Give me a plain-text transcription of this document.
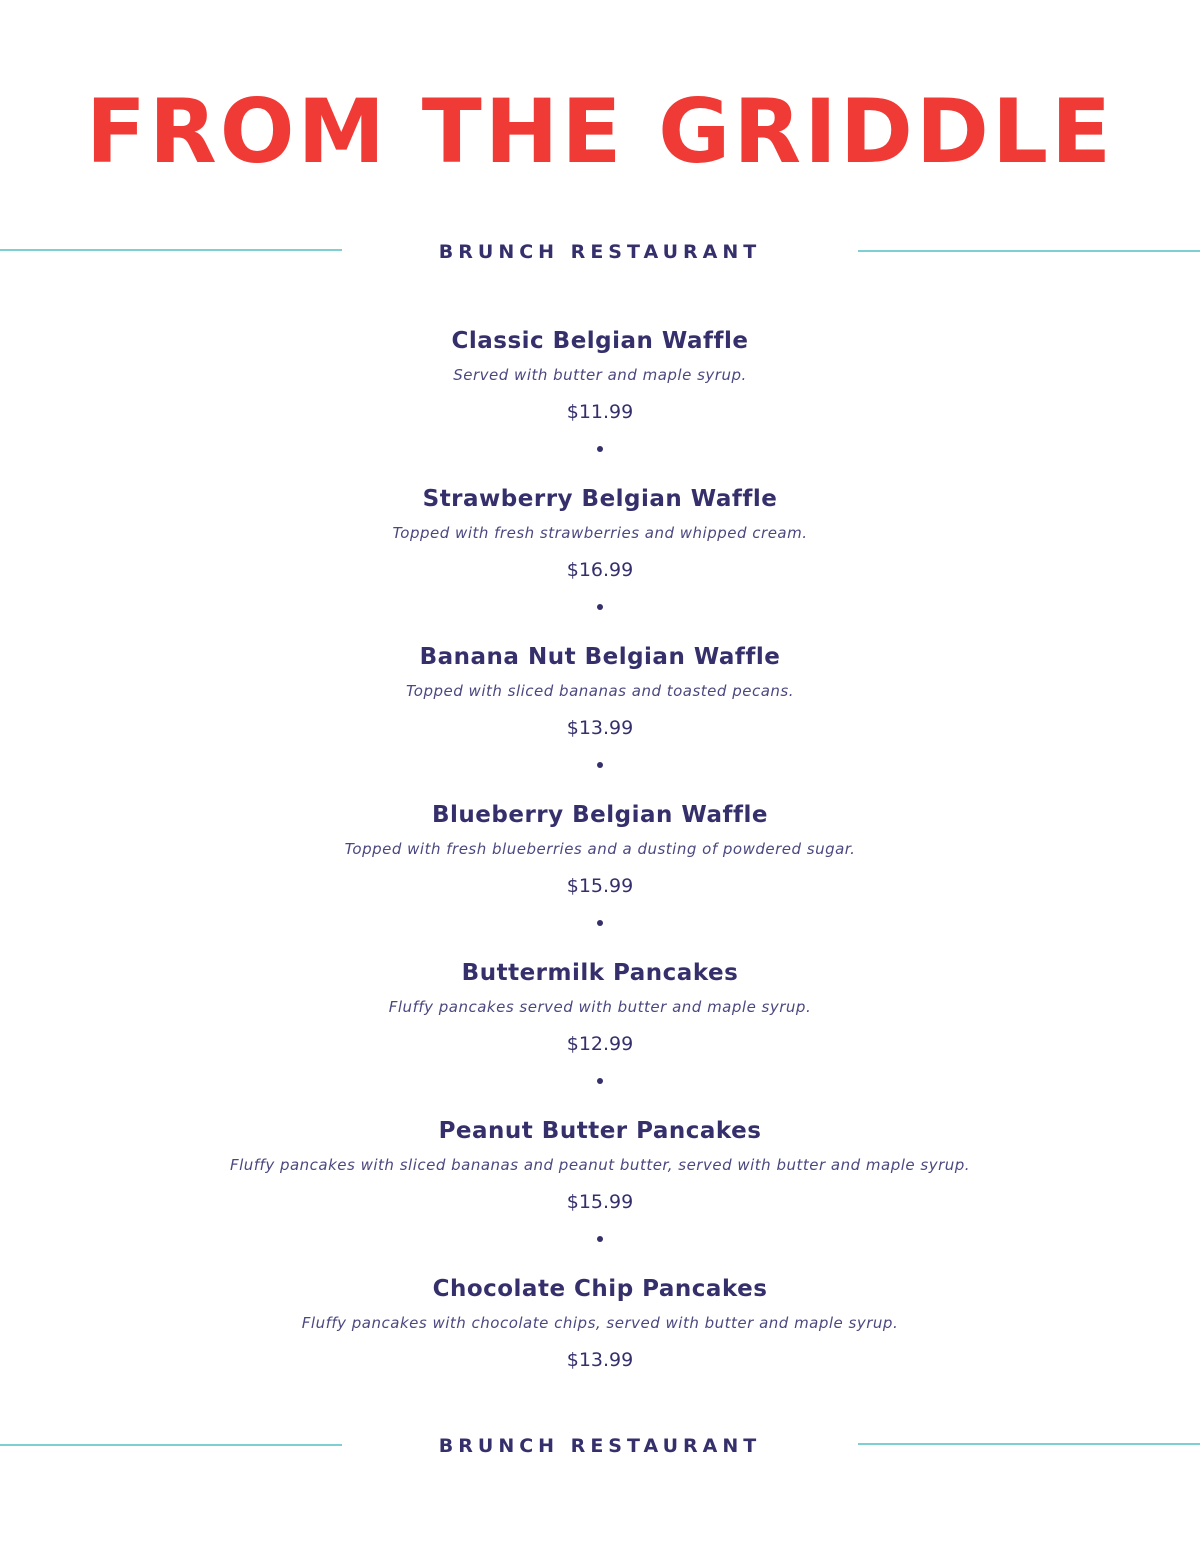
FROM THE GRIDDLE
BRUNCH RESTAURANT
Classic Belgian Waffle
Served with butter and maple syrup.
$11.99
Strawberry Belgian Waffle
Topped with fresh strawberries and whipped cream.
$16.99
Banana Nut Belgian Waffle
Topped with sliced bananas and toasted pecans.
$13.99
Blueberry Belgian Waffle
Topped with fresh blueberries and a dusting of powdered sugar.
$15.99
Buttermilk Pancakes
Fluffy pancakes served with butter and maple syrup.
$12.99
Peanut Butter Pancakes
Fluffy pancakes with sliced bananas and peanut butter, served with butter and maple syrup.
$15.99
Chocolate Chip Pancakes
Fluffy pancakes with chocolate chips, served with butter and maple syrup.
$13.99
BRUNCH RESTAURANT
